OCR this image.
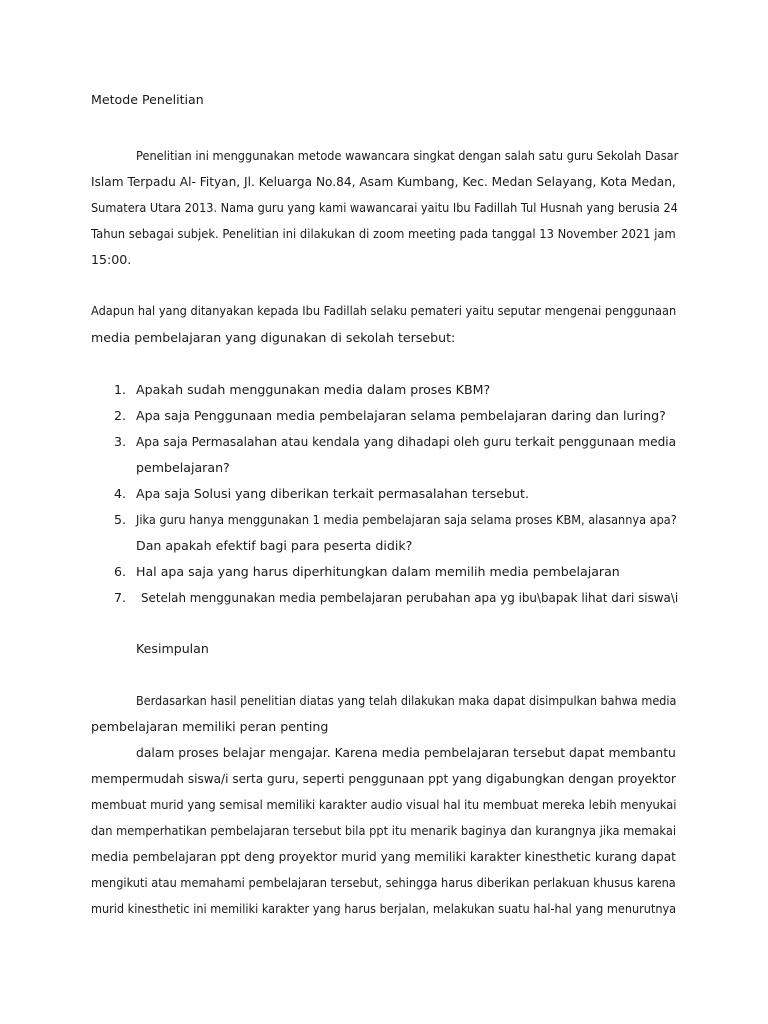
Metode Penelitian
Penelitian ini menggunakan metode wawancara singkat dengan salah satu guru Sekolah Dasar
Islam Terpadu Al- Fityan, Jl. Keluarga No.84, Asam Kumbang, Kec. Medan Selayang, Kota Medan,
Sumatera Utara 2013. Nama guru yang kami wawancarai yaitu Ibu Fadillah Tul Husnah yang berusia 24
Tahun sebagai subjek. Penelitian ini dilakukan di zoom meeting pada tanggal 13 November 2021 jam
15:00.
Adapun hal yang ditanyakan kepada Ibu Fadillah selaku pemateri yaitu seputar mengenai penggunaan
media pembelajaran yang digunakan di sekolah tersebut:
1. Apakah sudah menggunakan media dalam proses KBM?
2. Apa saja Penggunaan media pembelajaran selama pembelajaran daring dan luring?
3. Apa saja Permasalahan atau kendala yang dihadapi oleh guru terkait penggunaan media
pembelajaran?
4. Apa saja Solusi yang diberikan terkait permasalahan tersebut.
5. Jika guru hanya menggunakan 1 media pembelajaran saja selama proses KBM, alasannya apa?
Dan apakah efektif bagi para peserta didik?
6. Hal apa saja yang harus diperhitungkan dalam memilih media pembelajaran
7. Setelah menggunakan media pembelajaran perubahan apa yg ibu\bapak lihat dari siswa\i
Kesimpulan
Berdasarkan hasil penelitian diatas yang telah dilakukan maka dapat disimpulkan bahwa media
pembelajaran memiliki peran penting
dalam proses belajar mengajar. Karena media pembelajaran tersebut dapat membantu
mempermudah siswa/i serta guru, seperti penggunaan ppt yang digabungkan dengan proyektor
membuat murid yang semisal memiliki karakter audio visual hal itu membuat mereka lebih menyukai
dan memperhatikan pembelajaran tersebut bila ppt itu menarik baginya dan kurangnya jika memakai
media pembelajaran ppt deng proyektor murid yang memiliki karakter kinesthetic kurang dapat
mengikuti atau memahami pembelajaran tersebut, sehingga harus diberikan perlakuan khusus karena
murid kinesthetic ini memiliki karakter yang harus berjalan, melakukan suatu hal-hal yang menurutnya
